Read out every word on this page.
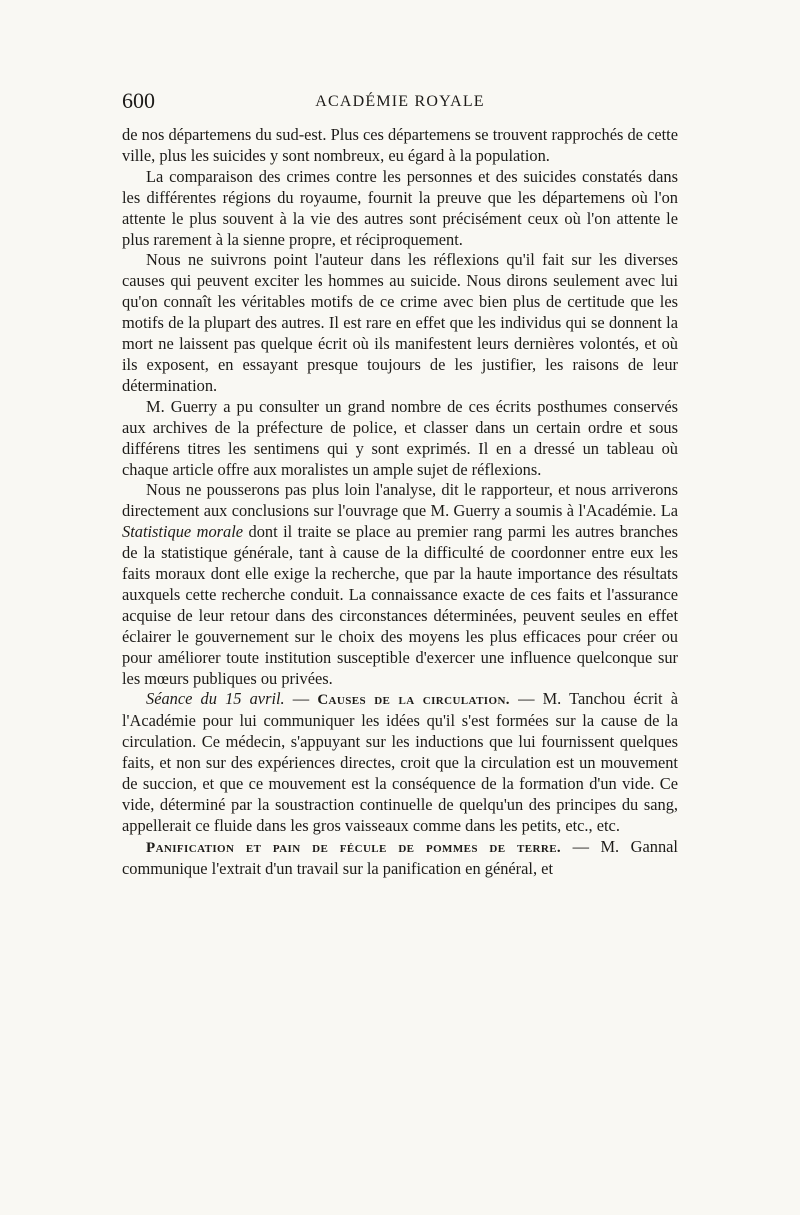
600	ACADÉMIE ROYALE

de nos départemens du sud-est. Plus ces départemens se trouvent rapprochés de cette ville, plus les suicides y sont nombreux, eu égard à la population.

La comparaison des crimes contre les personnes et des suicides constatés dans les différentes régions du royaume, fournit la preuve que les départemens où l'on attente le plus souvent à la vie des autres sont précisément ceux où l'on attente le plus rarement à la sienne propre, et réciproquement.

Nous ne suivrons point l'auteur dans les réflexions qu'il fait sur les diverses causes qui peuvent exciter les hommes au suicide. Nous dirons seulement avec lui qu'on connaît les véritables motifs de ce crime avec bien plus de certitude que les motifs de la plupart des autres. Il est rare en effet que les individus qui se donnent la mort ne laissent pas quelque écrit où ils manifestent leurs dernières volontés, et où ils exposent, en essayant presque toujours de les justifier, les raisons de leur détermination.

M. Guerry a pu consulter un grand nombre de ces écrits posthumes conservés aux archives de la préfecture de police, et classer dans un certain ordre et sous différens titres les sentimens qui y sont exprimés. Il en a dressé un tableau où chaque article offre aux moralistes un ample sujet de réflexions.

Nous ne pousserons pas plus loin l'analyse, dit le rapporteur, et nous arriverons directement aux conclusions sur l'ouvrage que M. Guerry a soumis à l'Académie. La Statistique morale dont il traite se place au premier rang parmi les autres branches de la statistique générale, tant à cause de la difficulté de coordonner entre eux les faits moraux dont elle exige la recherche, que par la haute importance des résultats auxquels cette recherche conduit. La connaissance exacte de ces faits et l'assurance acquise de leur retour dans des circonstances déterminées, peuvent seules en effet éclairer le gouvernement sur le choix des moyens les plus efficaces pour créer ou pour améliorer toute institution susceptible d'exercer une influence quelconque sur les mœurs publiques ou privées.

Séance du 15 avril. — Causes de la circulation. — M. Tanchou écrit à l'Académie pour lui communiquer les idées qu'il s'est formées sur la cause de la circulation. Ce médecin, s'appuyant sur les inductions que lui fournissent quelques faits, et non sur des expériences directes, croit que la circulation est un mouvement de succion, et que ce mouvement est la conséquence de la formation d'un vide. Ce vide, déterminé par la soustraction continuelle de quelqu'un des principes du sang, appellerait ce fluide dans les gros vaisseaux comme dans les petits, etc., etc.

Panification et pain de fécule de pommes de terre. — M. Gannal communique l'extrait d'un travail sur la panification en général, et
